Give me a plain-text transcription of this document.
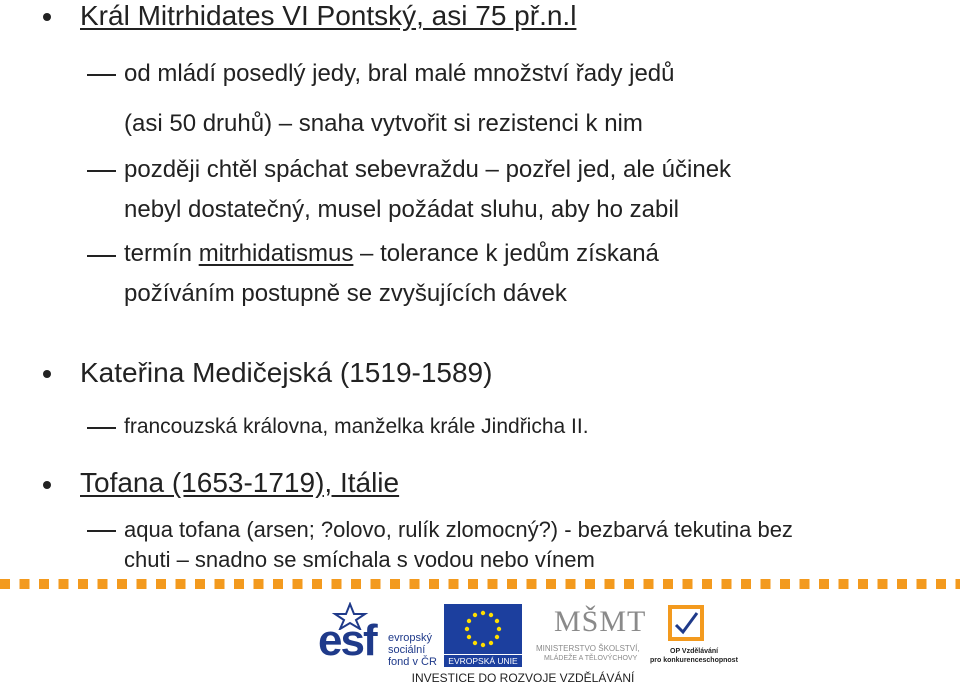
Král Mitrhidates VI Pontský, asi 75 př.n.l
od mládí posedlý jedy, bral malé množství řady jedů
(asi 50 druhů) – snaha vytvořit si rezistenci k nim
později chtěl spáchat sebevraždu – pozřel jed, ale účinek
nebyl dostatečný, musel požádat sluhu, aby ho zabil
termín mitrhidatismus – tolerance k jedům získaná
požíváním postupně se zvyšujících dávek
Kateřina Medičejská (1519-1589)
francouzská královna, manželka krále Jindřicha II.
Tofana (1653-1719), Itálie
aqua tofana (arsen; ?olovo, rulík zlomocný?) - bezbarvá tekutina bez
chuti – snadno se smíchala s vodou nebo vínem
esf evropský
sociální
fond v ČR	EVROPSKÁ UNIE
MŠMT
MINISTERSTVO ŠKOLSTVÍ,
MLÁDEŽE A TĚLOVÝCHOVY
OP Vzdělávání
pro konkurenceschopnost
INVESTICE DO ROZVOJE VZDĚLÁVÁNÍ
